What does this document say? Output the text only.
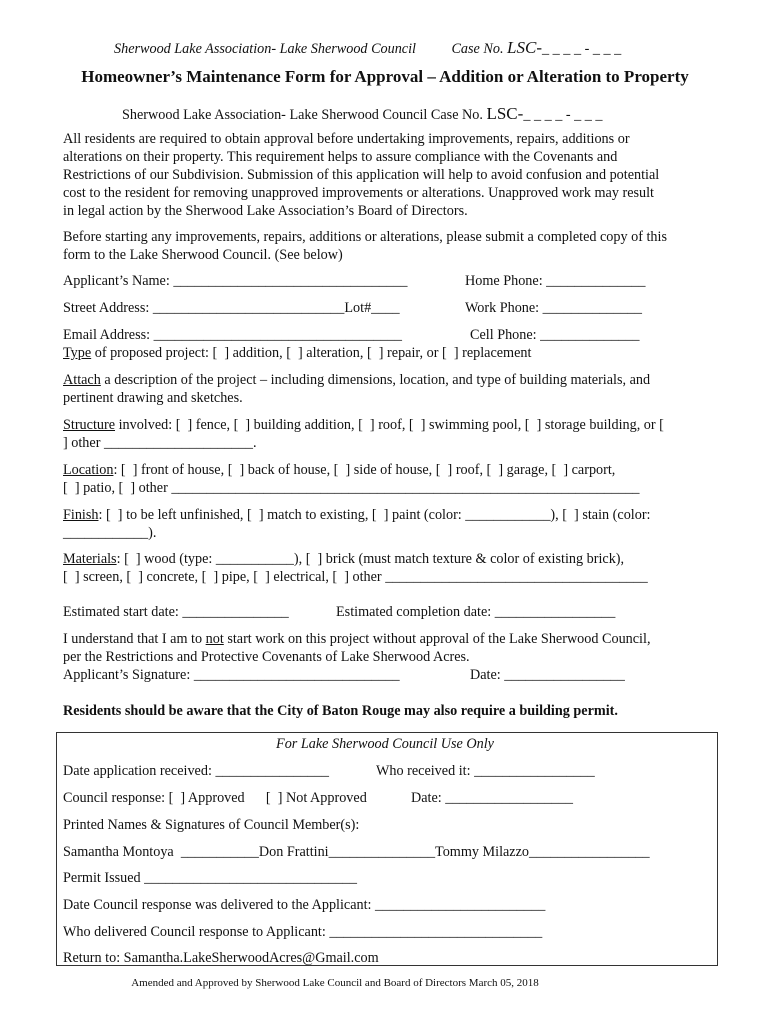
Sherwood Lake Association- Lake Sherwood Council Case No. LSC-_ _ _ _ - _ _ _
Homeowner’s Maintenance Form for Approval – Addition or Alteration to Property
Sherwood Lake Association- Lake Sherwood Council Case No. LSC-_ _ _ _ - _ _ _
All residents are required to obtain approval before undertaking improvements, repairs, additions or
alterations on their property. This requirement helps to assure compliance with the Covenants and
Restrictions of our Subdivision. Submission of this application will help to avoid confusion and potential
cost to the resident for removing unapproved improvements or alterations. Unapproved work may result
in legal action by the Sherwood Lake Association’s Board of Directors.
Before starting any improvements, repairs, additions or alterations, please submit a completed copy of this
form to the Lake Sherwood Council. (See below)
Applicant’s Name: _________________________________	Home Phone: ______________
Street Address: ___________________________Lot#____	Work Phone: ______________
Email Address: ___________________________________	Cell Phone: ______________
Type of proposed project: [  ] addition, [  ] alteration, [  ] repair, or [  ] replacement
Attach a description of the project – including dimensions, location, and type of building materials, and
pertinent drawing and sketches.
Structure involved: [  ] fence, [  ] building addition, [  ] roof, [  ] swimming pool, [  ] storage building, or [
] other _____________________.
Location: [  ] front of house, [  ] back of house, [  ] side of house, [  ] roof, [  ] garage, [  ] carport,
[  ] patio, [  ] other __________________________________________________________________
Finish: [  ] to be left unfinished, [  ] match to existing, [  ] paint (color: ____________), [  ] stain (color:
____________).
Materials: [  ] wood (type: ___________), [  ] brick (must match texture & color of existing brick),
[  ] screen, [  ] concrete, [  ] pipe, [  ] electrical, [  ] other _____________________________________
Estimated start date: _______________	Estimated completion date: _________________
I understand that I am to not start work on this project without approval of the Lake Sherwood Council,
per the Restrictions and Protective Covenants of Lake Sherwood Acres.
Applicant’s Signature: _____________________________	Date: _________________
Residents should be aware that the City of Baton Rouge may also require a building permit.
For Lake Sherwood Council Use Only
Date application received: ________________	Who received it: _________________
Council response: [  ] Approved      [  ] Not Approved	Date: __________________
Printed Names & Signatures of Council Member(s):
Samantha Montoya  ___________Don Frattini_______________Tommy Milazzo_________________
Permit Issued ______________________________
Date Council response was delivered to the Applicant: ________________________
Who delivered Council response to Applicant: ______________________________
Return to: Samantha.LakeSherwoodAcres@Gmail.com
Amended and Approved by Sherwood Lake Council and Board of Directors March 05, 2018
